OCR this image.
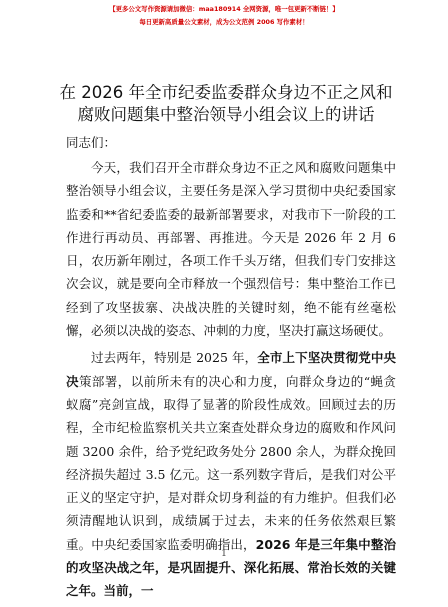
【更多公文写作资源请加微信：maa180914 全网资源，唯一包更新不断链！】
每日更新高质量公文素材，成为公文范例 2006 写作素材！
在 2026 年全市纪委监委群众身边不正之风和腐败问题集中整治领导小组会议上的讲话
同志们：

今天，我们召开全市群众身边不正之风和腐败问题集中整治领导小组会议，主要任务是深入学习贯彻中央纪委国家监委和**省纪委监委的最新部署要求，对我市下一阶段的工作进行再动员、再部署、再推进。今天是 2026 年 2 月 6 日，农历新年刚过，各项工作千头万绪，但我们专门安排这次会议，就是要向全市释放一个强烈信号：集中整治工作已经到了攻坚拔寨、决战决胜的关键时刻，绝不能有丝毫松懈，必须以决战的姿态、冲刺的力度，坚决打赢这场硬仗。

过去两年，特别是 2025 年，全市上下坚决贯彻党中央决策部署，以前所未有的决心和力度，向群众身边的“蝇贪蚁腐”亮剑宣战，取得了显著的阶段性成效。回顾过去的历程，全市纪检监察机关共立案查处群众身边的腐败和作风问题 3200 余件，给予党纪政务处分 2800 余人，为群众挽回经济损失超过 3.5 亿元。这一系列数字背后，是我们对公平正义的坚定守护，是对群众切身利益的有力维护。但我们必须清醒地认识到，成绩属于过去，未来的任务依然艰巨繁重。中央纪委国家监委明确指出，2026 年是三年集中整治的攻坚决战之年，是巩固提升、深化拓展、常治长效的关键之年。当前，一

1
